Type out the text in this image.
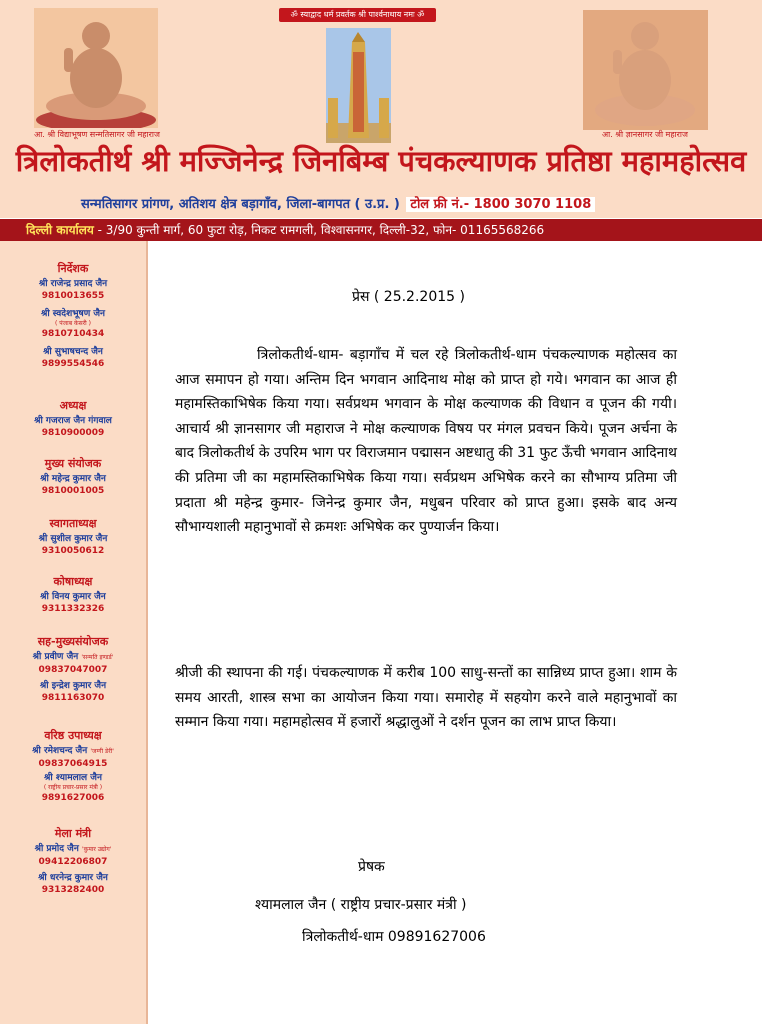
ॐ स्याद्वाद धर्म प्रवर्तक श्री पार्श्वनाथाय नमः ॐ
आ. श्री विद्याभूषण सन्मतिसागर जी महाराज	आ. श्री ज्ञानसागर जी महाराज
त्रिलोकतीर्थ श्री मज्जिनेन्द्र जिनबिम्ब पंचकल्याणक प्रतिष्ठा महामहोत्सव
सन्मतिसागर प्रांगण, अतिशय क्षेत्र बड़ागाँव, जिला-बागपत ( उ.प्र. ) टोल फ्री नं.- 1800 3070 1108
दिल्ली कार्यालय - 3/90 कुन्ती मार्ग, 60 फुटा रोड़, निकट रामगली, विश्वासनगर, दिल्ली-32, फोन- 01165568266
निर्देशक
श्री राजेन्द्र प्रसाद जैन
9810013655
श्री स्वदेशभूषण जैन
( पंजाब केसरी )
9810710434
श्री सुभाषचन्द जैन
9899554546
अध्यक्ष
श्री गजराज जैन गंगवाल
9810900009
मुख्य संयोजक
श्री महेन्द्र कुमार जैन
9810001005
स्वागताध्यक्ष
श्री सुशील कुमार जैन
9310050612
कोषाध्यक्ष
श्री विनय कुमार जैन
9311332326
सह-मुख्यसंयोजक
श्री प्रवीण जैन 'सन्मति इण्डर्ड'
09837047007
श्री इन्द्रेश कुमार जैन
9811163070
वरिष्ठ उपाध्यक्ष
श्री रमेशचन्द जैन 'जग्गी डेरी'
09837064915
श्री श्यामलाल जैन
( राष्ट्रीय प्रचार-प्रसार मंत्री )
9891627006
मेला मंत्री
श्री प्रमोद जैन 'कुमार उद्योग'
09412206807
श्री धरनेन्द्र कुमार जैन
9313282400
प्रेस ( 25.2.2015 )
त्रिलोकतीर्थ-धाम- बड़ागाँच में चल रहे त्रिलोकतीर्थ-धाम पंचकल्याणक महोत्सव का आज समापन हो गया। अन्तिम दिन भगवान आदिनाथ मोक्ष को प्राप्त हो गये। भगवान का आज ही महामस्तिकाभिषेक किया गया। सर्वप्रथम भगवान के मोक्ष कल्याणक की विधान व पूजन की गयी। आचार्य श्री ज्ञानसागर जी महाराज ने मोक्ष कल्याणक विषय पर मंगल प्रवचन किये। पूजन अर्चना के बाद त्रिलोकतीर्थ के उपरिम भाग पर विराजमान पद्मासन अष्टधातु की 31 फुट ऊँची भगवान आदिनाथ की प्रतिमा जी का महामस्तिकाभिषेक किया गया। सर्वप्रथम अभिषेक करने का सौभाग्य प्रतिमा जी प्रदाता श्री महेन्द्र कुमार- जिनेन्द्र कुमार जैन, मधुबन परिवार को प्राप्त हुआ। इसके बाद अन्य सौभाग्यशाली महानुभावों से क्रमशः अभिषेक कर पुण्यार्जन किया।
श्रीजी की स्थापना की गई। पंचकल्याणक में करीब 100 साधु-सन्तों का सान्निध्य प्राप्त हुआ। शाम के समय आरती, शास्त्र सभा का आयोजन किया गया। समारोह में सहयोग करने वाले महानुभावों का सम्मान किया गया। महामहोत्सव में हजारों श्रद्धालुओं ने दर्शन पूजन का लाभ प्राप्त किया।
प्रेषक
श्यामलाल जैन ( राष्ट्रीय प्रचार-प्रसार मंत्री )
त्रिलोकतीर्थ-धाम 09891627006
